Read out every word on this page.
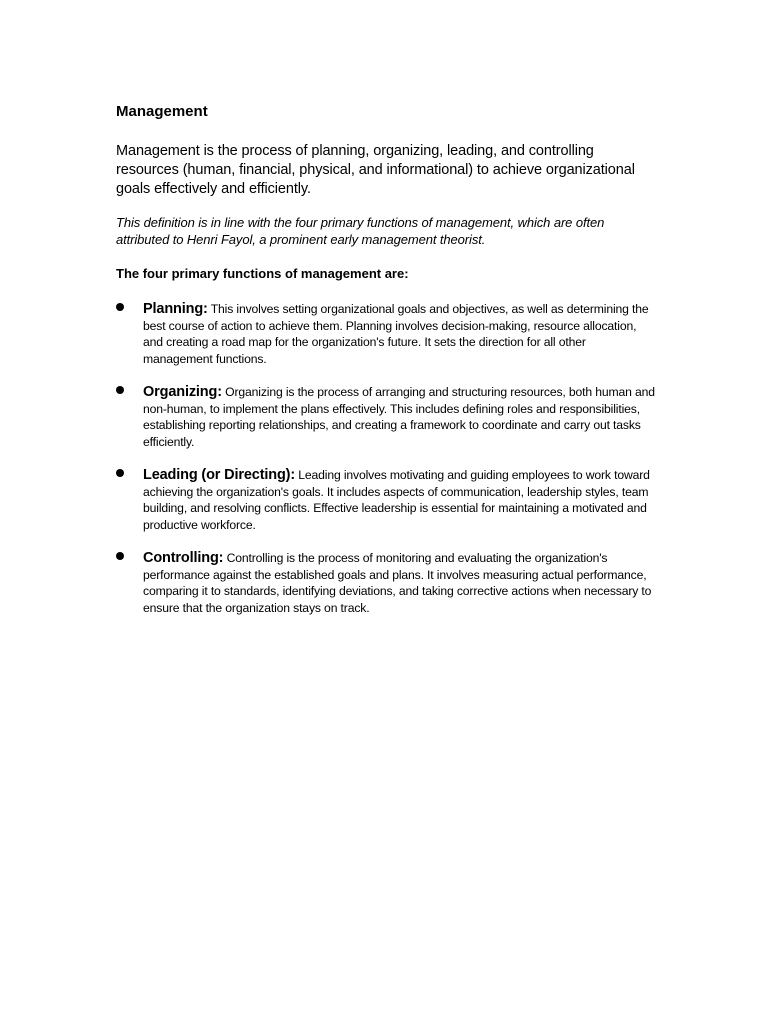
Management

Management is the process of planning, organizing, leading, and controlling resources (human, financial, physical, and informational) to achieve organizational goals effectively and efficiently.

This definition is in line with the four primary functions of management, which are often attributed to Henri Fayol, a prominent early management theorist.

The four primary functions of management are:

Planning: This involves setting organizational goals and objectives, as well as determining the best course of action to achieve them. Planning involves decision-making, resource allocation, and creating a road map for the organization's future. It sets the direction for all other management functions.
Organizing: Organizing is the process of arranging and structuring resources, both human and non-human, to implement the plans effectively. This includes defining roles and responsibilities, establishing reporting relationships, and creating a framework to coordinate and carry out tasks efficiently.
Leading (or Directing): Leading involves motivating and guiding employees to work toward achieving the organization's goals. It includes aspects of communication, leadership styles, team building, and resolving conflicts. Effective leadership is essential for maintaining a motivated and productive workforce.
Controlling: Controlling is the process of monitoring and evaluating the organization's performance against the established goals and plans. It involves measuring actual performance, comparing it to standards, identifying deviations, and taking corrective actions when necessary to ensure that the organization stays on track.
